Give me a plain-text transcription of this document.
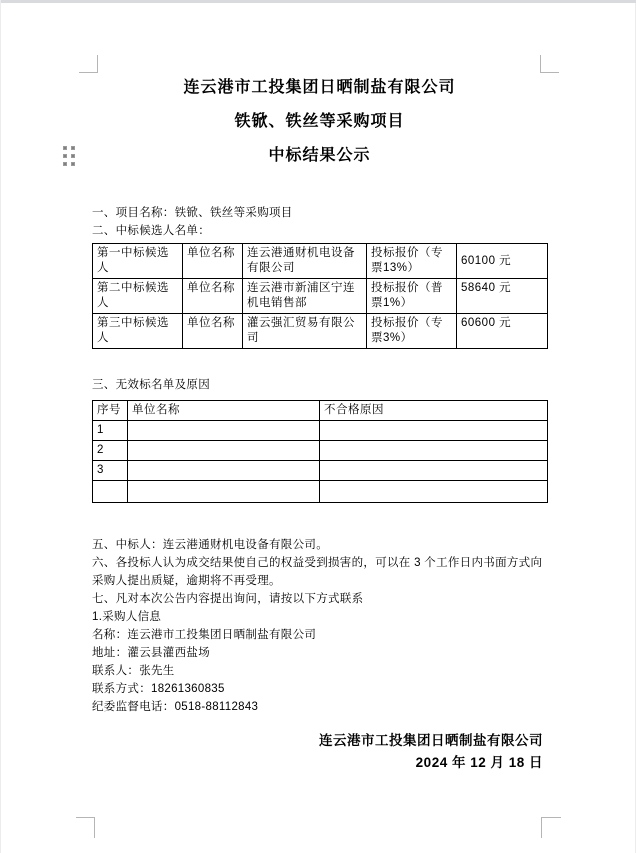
连云港市工投集团日晒制盐有限公司
铁锨、铁丝等采购项目
中标结果公示
一、项目名称：铁锨、铁丝等采购项目
二、中标候选人名单：
第一中标候选人	单位名称	连云港通财机电设备有限公司	投标报价（专票13%）	60100 元
第二中标候选人	单位名称	连云港市新浦区宁连机电销售部	投标报价（普票1%）	58640 元
第三中标候选人	单位名称	灌云强汇贸易有限公司	投标报价（专票3%）	60600 元
三、无效标名单及原因
序号	单位名称	不合格原因
1		
2		
3		

五、中标人：连云港通财机电设备有限公司。
六、各投标人认为成交结果使自己的权益受到损害的，可以在 3 个工作日内书面方式向采购人提出质疑，逾期将不再受理。
七、凡对本次公告内容提出询问，请按以下方式联系
1.采购人信息
名称：连云港市工投集团日晒制盐有限公司
地址：灌云县灌西盐场
联系人：张先生
联系方式：18261360835
纪委监督电话：0518-88112843
连云港市工投集团日晒制盐有限公司
2024 年 12 月 18 日
